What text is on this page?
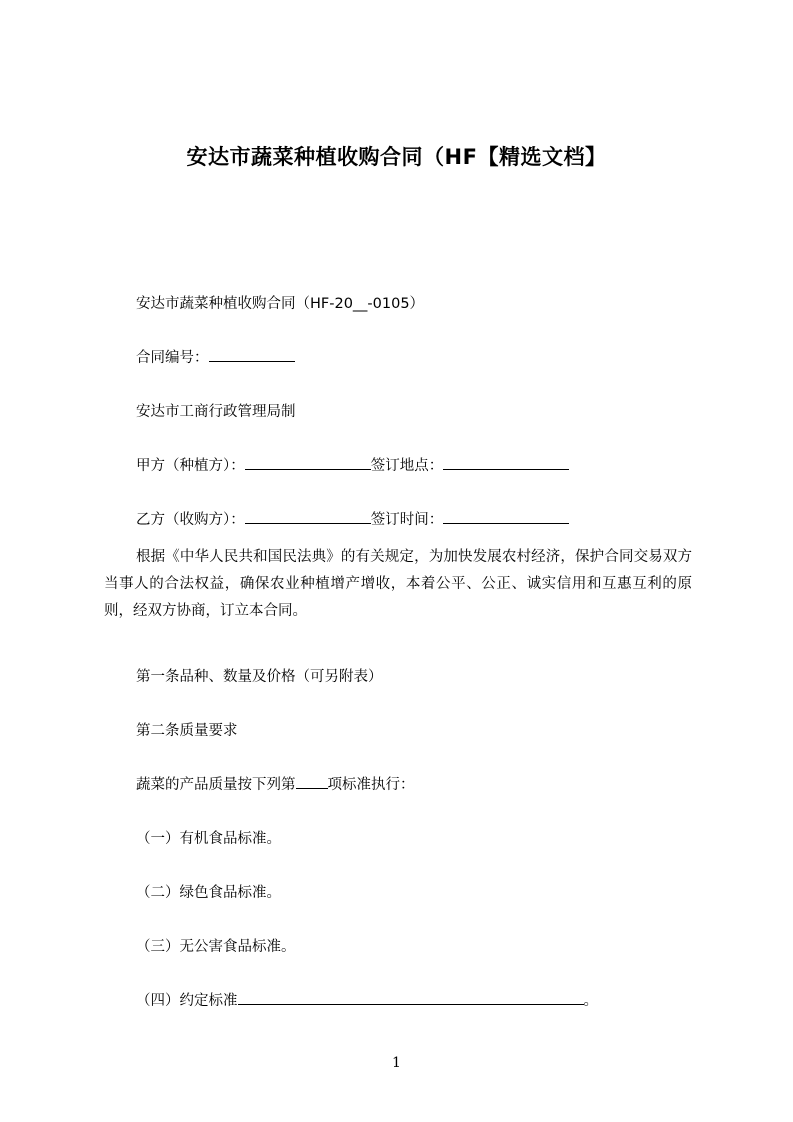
安达市蔬菜种植收购合同（HF【精选文档】
安达市蔬菜种植收购合同（HF-20__-0105）
合同编号：
安达市工商行政管理局制
甲方（种植方）：	签订地点：
乙方（收购方）：	签订时间：
根据《中华人民共和国民法典》的有关规定，为加快发展农村经济，保护合同交易双方当事人的合法权益，确保农业种植增产增收，本着公平、公正、诚实信用和互惠互利的原则，经双方协商，订立本合同。
第一条品种、数量及价格（可另附表）
第二条质量要求
蔬菜的产品质量按下列第 项标准执行：
（一）有机食品标准。
（二）绿色食品标准。
（三）无公害食品标准。
（四）约定标准	。
1
